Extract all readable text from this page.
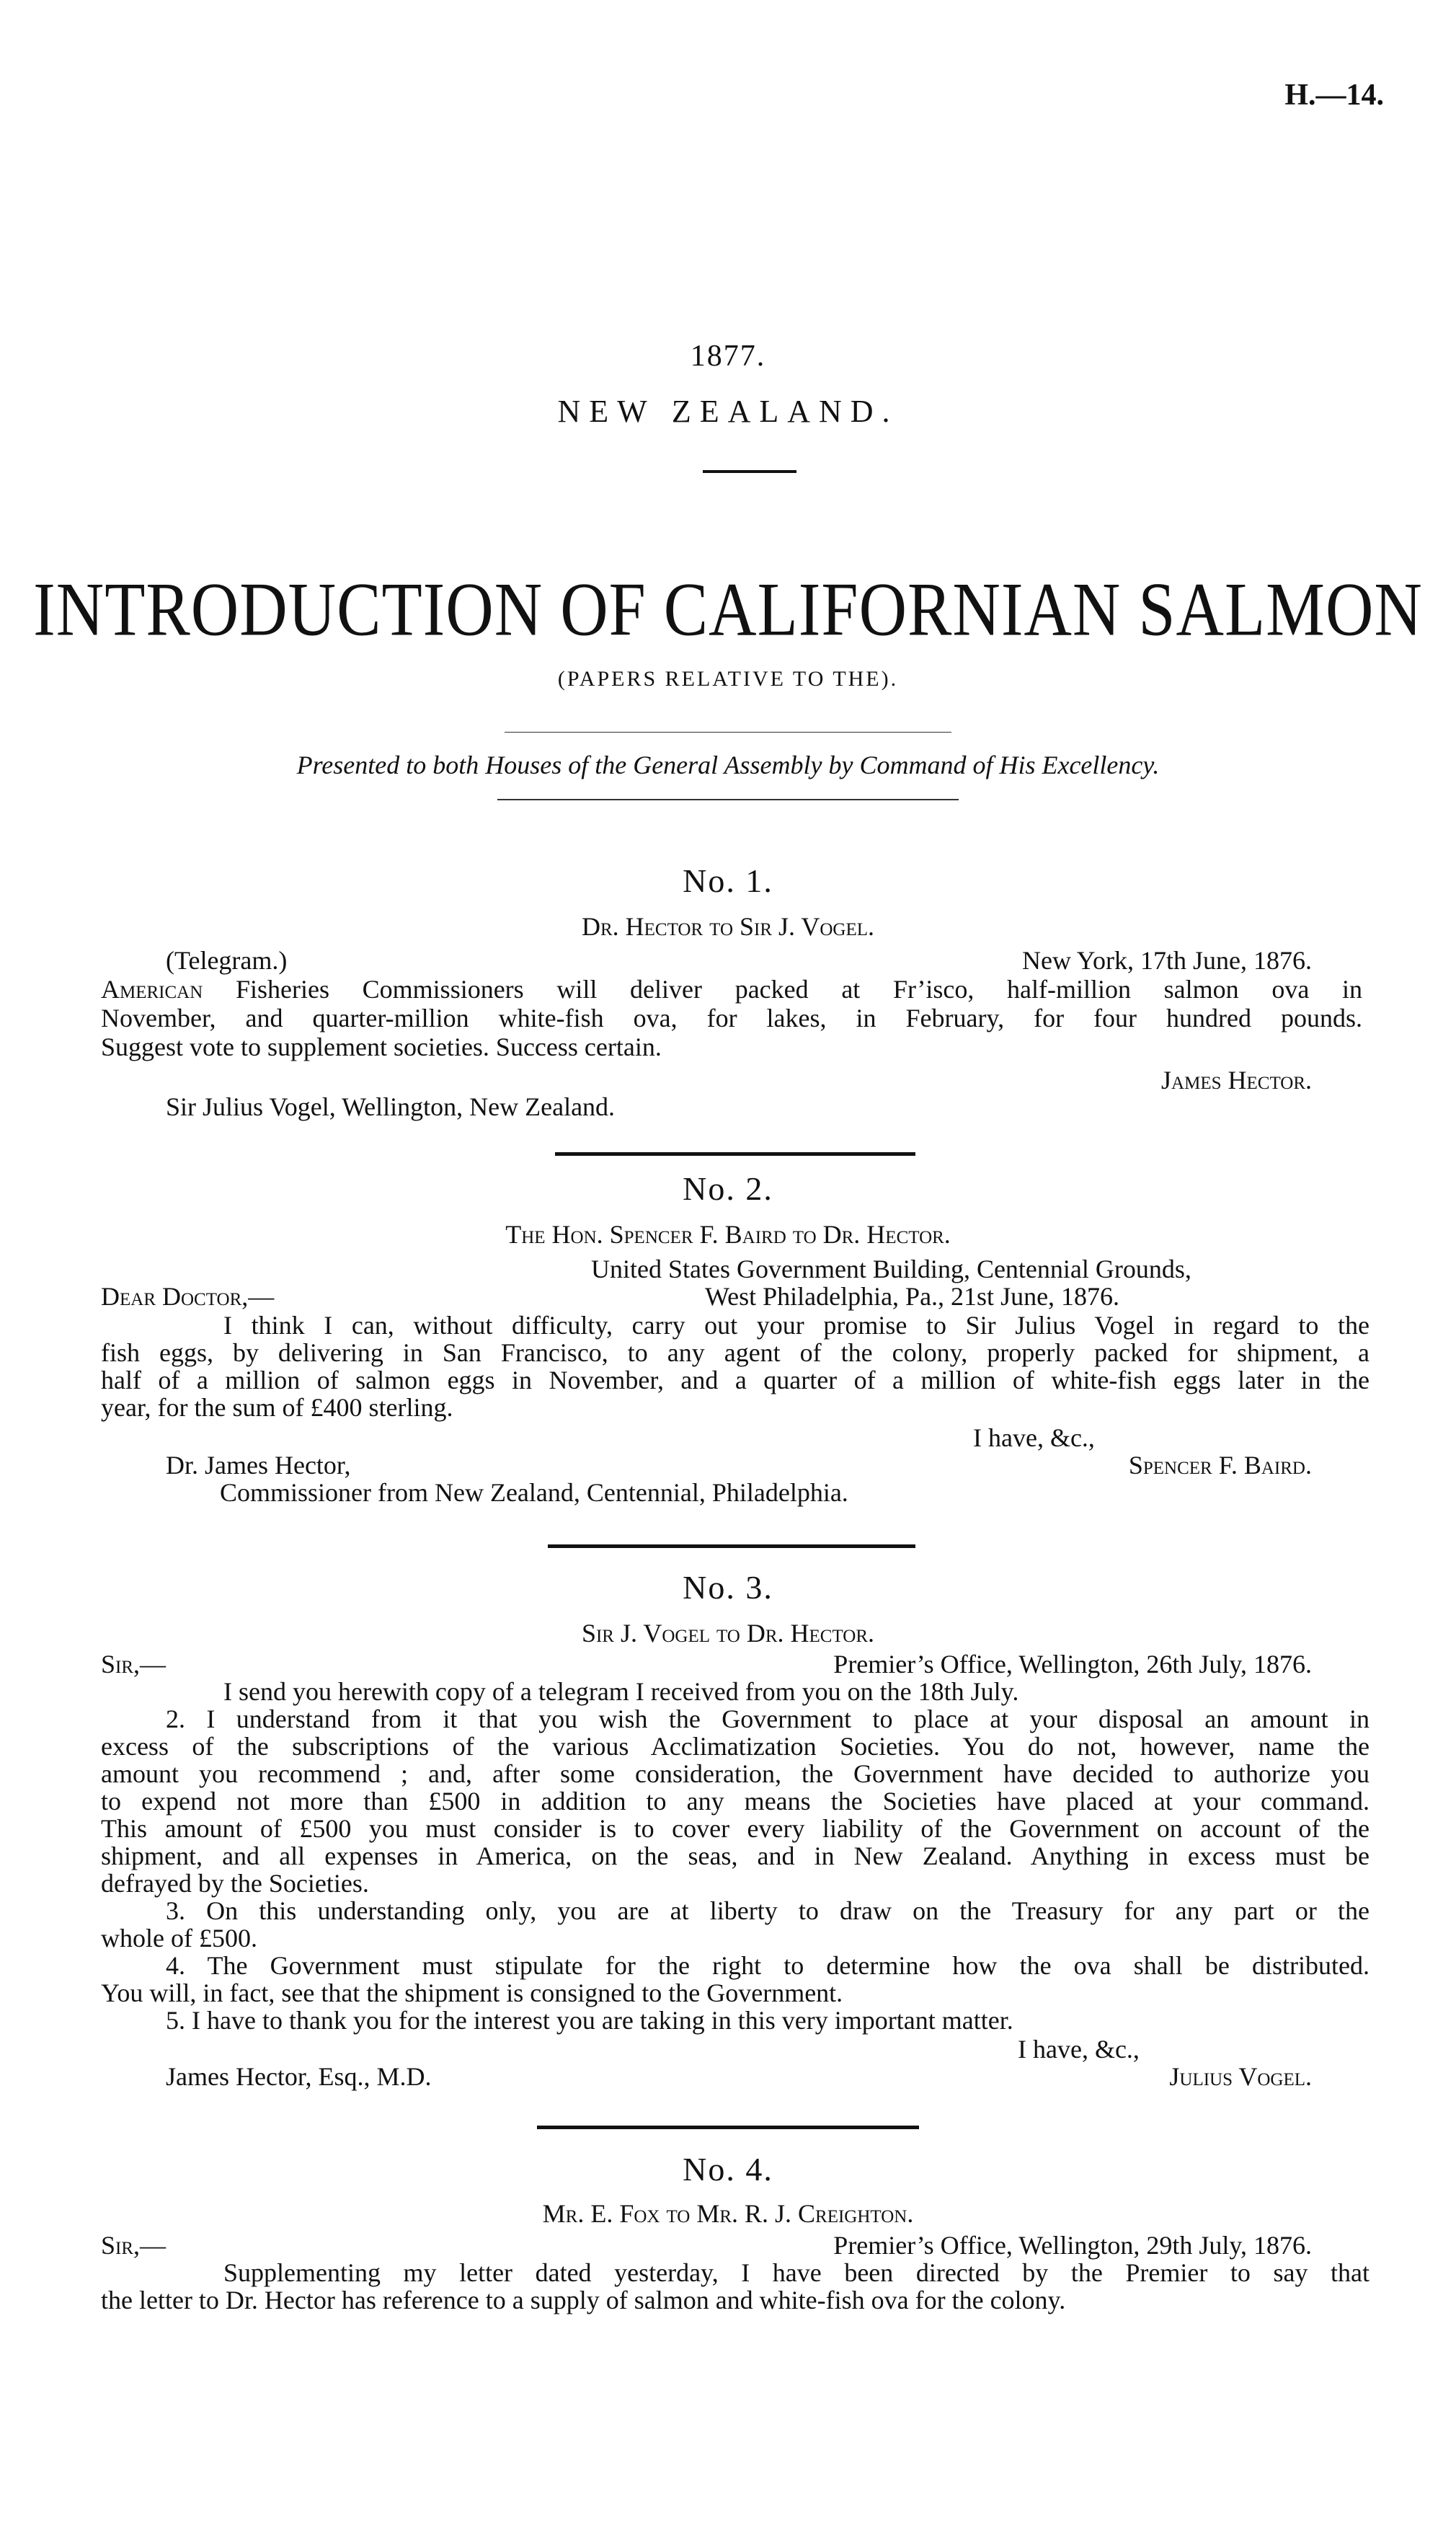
H.—14.
1877.
NEW ZEALAND.
INTRODUCTION OF CALIFORNIAN SALMON
(PAPERS RELATIVE TO THE).
Presented to both Houses of the General Assembly by Command of His Excellency.
No. 1.
Dr. Hector to Sir J. Vogel.
(Telegram.)	New York, 17th June, 1876.
American Fisheries Commissioners will deliver packed at Fr’isco, half-million salmon ova in
November, and quarter-million white-fish ova, for lakes, in February, for four hundred pounds.
Suggest vote to supplement societies. Success certain.
James Hector.
Sir Julius Vogel, Wellington, New Zealand.
No. 2.
The Hon. Spencer F. Baird to Dr. Hector.
United States Government Building, Centennial Grounds,
Dear Doctor,—	West Philadelphia, Pa., 21st June, 1876.
I think I can, without difficulty, carry out your promise to Sir Julius Vogel in regard to the
fish eggs, by delivering in San Francisco, to any agent of the colony, properly packed for shipment, a
half of a million of salmon eggs in November, and a quarter of a million of white-fish eggs later in the
year, for the sum of £400 sterling.
I have, &c.,
Dr. James Hector,	Spencer F. Baird.
Commissioner from New Zealand, Centennial, Philadelphia.
No. 3.
Sir J. Vogel to Dr. Hector.
Sir,—	Premier’s Office, Wellington, 26th July, 1876.
I send you herewith copy of a telegram I received from you on the 18th July.
2. I understand from it that you wish the Government to place at your disposal an amount in
excess of the subscriptions of the various Acclimatization Societies. You do not, however, name the
amount you recommend ; and, after some consideration, the Government have decided to authorize you
to expend not more than £500 in addition to any means the Societies have placed at your command.
This amount of £500 you must consider is to cover every liability of the Government on account of the
shipment, and all expenses in America, on the seas, and in New Zealand. Anything in excess must be
defrayed by the Societies.
3. On this understanding only, you are at liberty to draw on the Treasury for any part or the
whole of £500.
4. The Government must stipulate for the right to determine how the ova shall be distributed.
You will, in fact, see that the shipment is consigned to the Government.
5. I have to thank you for the interest you are taking in this very important matter.
I have, &c.,
James Hector, Esq., M.D.	Julius Vogel.
No. 4.
Mr. E. Fox to Mr. R. J. Creighton.
Sir,—	Premier’s Office, Wellington, 29th July, 1876.
Supplementing my letter dated yesterday, I have been directed by the Premier to say that
the letter to Dr. Hector has reference to a supply of salmon and white-fish ova for the colony.
